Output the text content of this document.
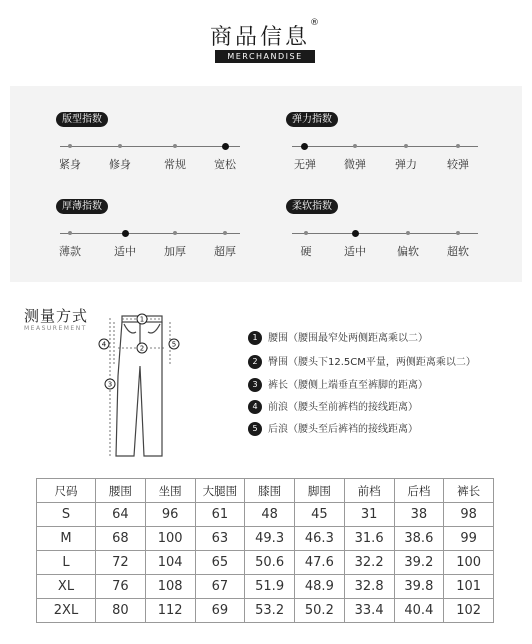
商品信息®
MERCHANDISE
版型指数
紧身	修身	常规	宽松
弹力指数
无弹	微弹	弹力	较弹
厚薄指数
薄款	适中	加厚	超厚
柔软指数
硬	适中	偏软	超软
测量方式
MEASUREMENT
1
2
3
4	5
1 腰围（腰围最窄处两侧距离乘以二）
2 臀围（腰头下12.5CM平量，两侧距离乘以二）
3 裤长（腰侧上端垂直至裤脚的距离）
4 前浪（腰头至前裤档的接线距离）
5 后浪（腰头至后裤裆的接线距离）
尺码	腰围	坐围	大腿围	膝围	脚围	前档	后档	裤长
S	64	96	61	48	45	31	38	98
M	68	100	63	49.3	46.3	31.6	38.6	99
L	72	104	65	50.6	47.6	32.2	39.2	100
XL	76	108	67	51.9	48.9	32.8	39.8	101
2XL	80	112	69	53.2	50.2	33.4	40.4	102
